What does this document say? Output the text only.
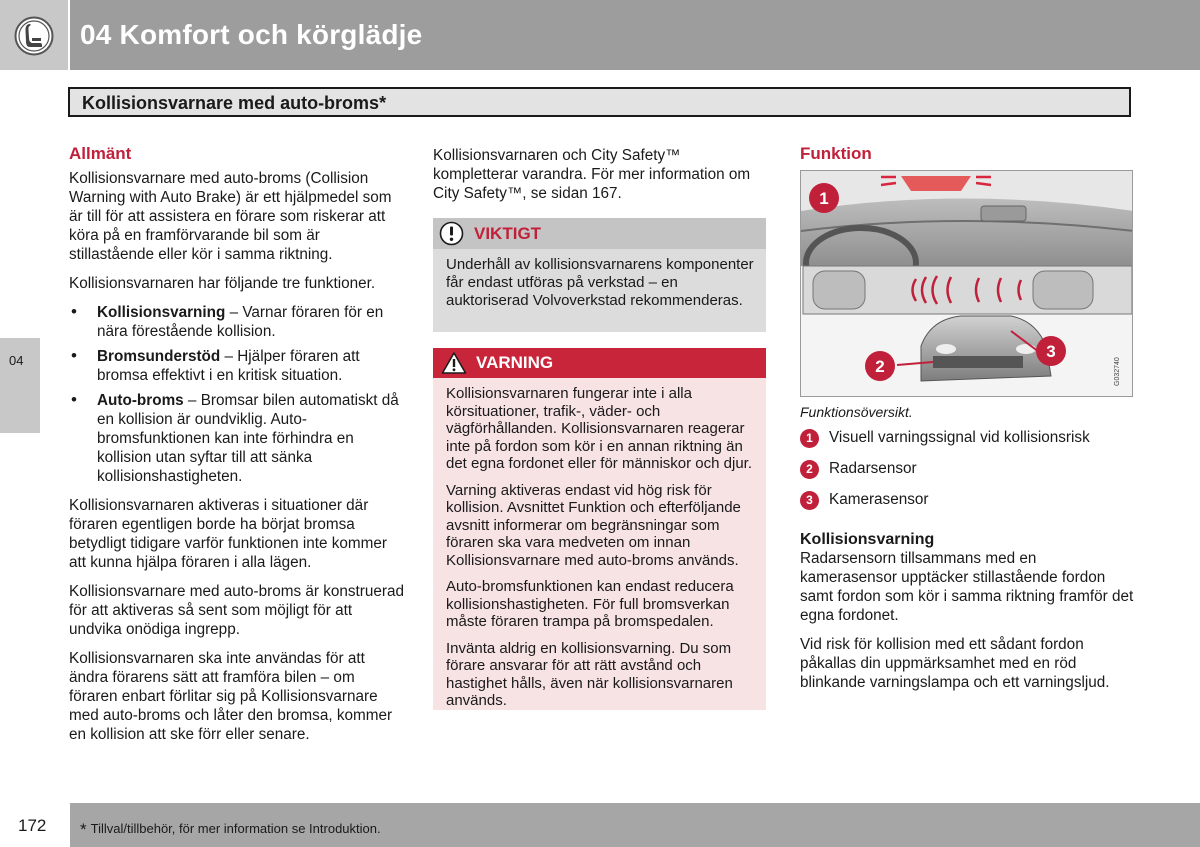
04 Komfort och körglädje
Kollisionsvarnare med auto-broms*
04
Allmänt

Kollisionsvarnare med auto-broms (Collision Warning with Auto Brake) är ett hjälpmedel som är till för att assistera en förare som riskerar att köra på en framförvarande bil som är stillastående eller kör i samma riktning.

Kollisionsvarnaren har följande tre funktioner.

• Kollisionsvarning – Varnar föraren för en nära förestående kollision.
• Bromsunderstöd – Hjälper föraren att bromsa effektivt i en kritisk situation.
• Auto-broms – Bromsar bilen automatiskt då en kollision är oundviklig. Auto-bromsfunktionen kan inte förhindra en kollision utan syftar till att sänka kollisionshastigheten.

Kollisionsvarnaren aktiveras i situationer där föraren egentligen borde ha börjat bromsa betydligt tidigare varför funktionen inte kommer att kunna hjälpa föraren i alla lägen.

Kollisionsvarnare med auto-broms är konstruerad för att aktiveras så sent som möjligt för att undvika onödiga ingrepp.

Kollisionsvarnaren ska inte användas för att ändra förarens sätt att framföra bilen – om föraren enbart förlitar sig på Kollisionsvarnare med auto-broms och låter den bromsa, kommer en kollision att ske förr eller senare.

Kollisionsvarnaren och City Safety™ kompletterar varandra. För mer information om City Safety™, se sidan 167.

VIKTIGT
Underhåll av kollisionsvarnarens komponenter får endast utföras på verkstad – en auktoriserad Volvoverkstad rekommenderas.
VARNING

Kollisionsvarnaren fungerar inte i alla körsituationer, trafik-, väder- och vägförhållanden. Kollisionsvarnaren reagerar inte på fordon som kör i en annan riktning än det egna fordonet eller för människor och djur.

Varning aktiveras endast vid hög risk för kollision. Avsnittet Funktion och efterföljande avsnitt informerar om begränsningar som föraren ska vara medveten om innan Kollisionsvarnare med auto-broms används.

Auto-bromsfunktionen kan endast reducera kollisionshastigheten. För full bromsverkan måste föraren trampa på bromspedalen.

Invänta aldrig en kollisionsvarning. Du som förare ansvarar för att rätt avstånd och hastighet hålls, även när kollisionsvarnaren används.

Funktion
1
2
3
G032740
Funktionsöversikt.
1	Visuell varningssignal vid kollisionsrisk
2	Radarsensor
3	Kamerasensor
Kollisionsvarning

Radarsensorn tillsammans med en kamerasensor upptäcker stillastående fordon samt fordon som kör i samma riktning framför det egna fordonet.

Vid risk för kollision med ett sådant fordon påkallas din uppmärksamhet med en röd blinkande varningslampa och ett varningsljud.

172 * Tillval/tillbehör, för mer information se Introduktion.
